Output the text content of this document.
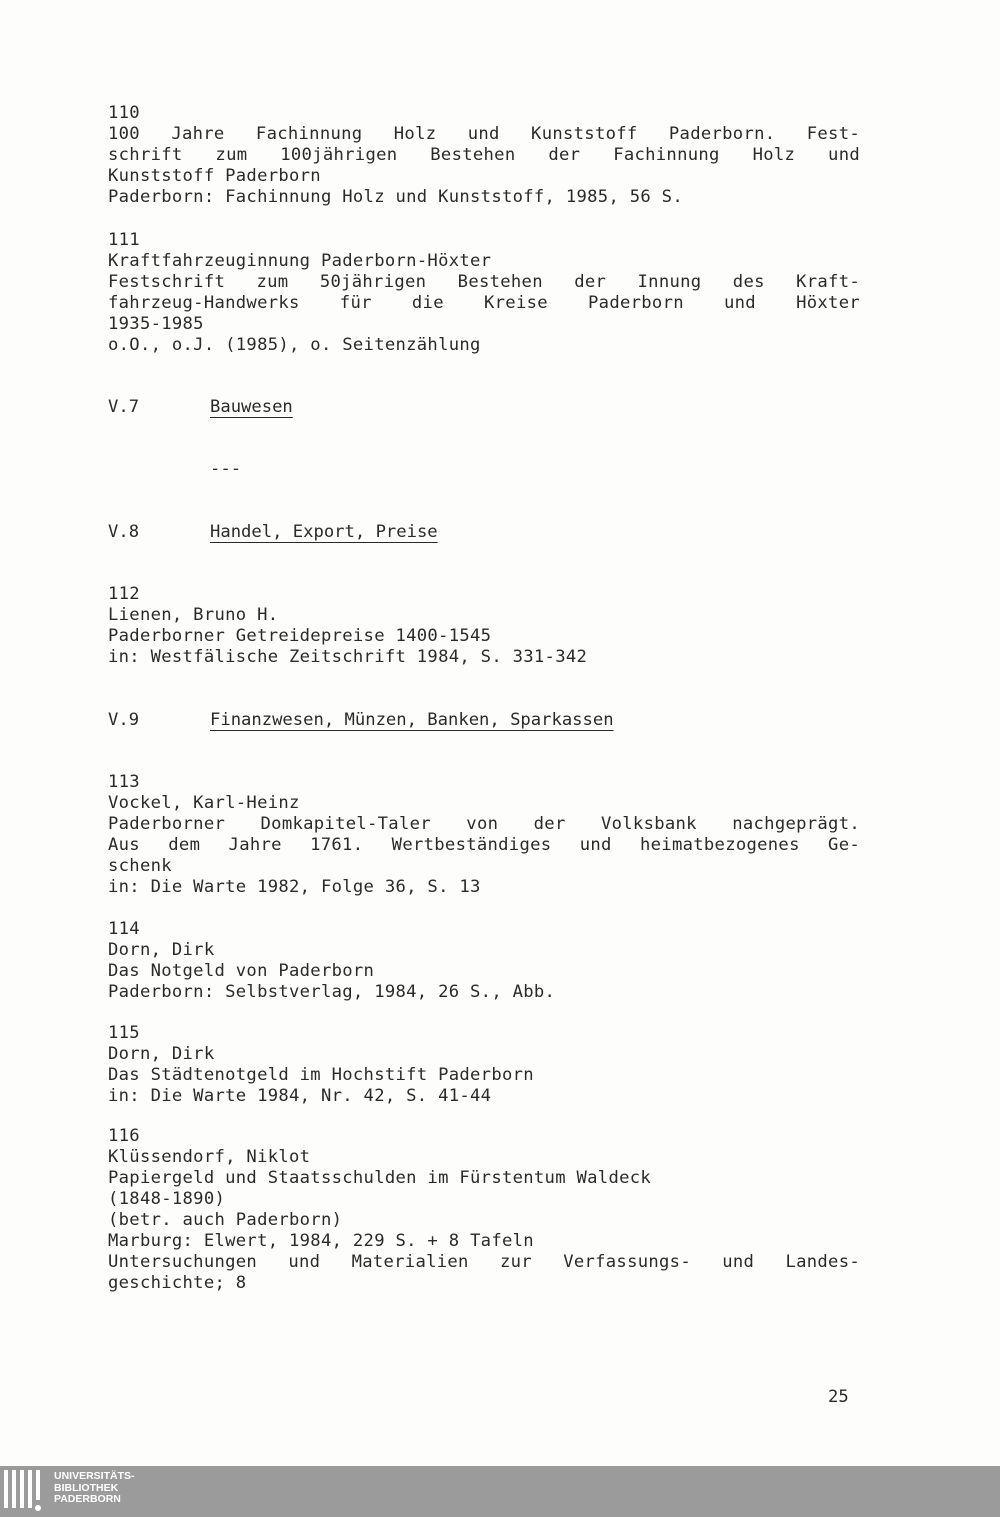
110
100 Jahre Fachinnung Holz und Kunststoff Paderborn. Fest-
schrift zum 100jährigen Bestehen der Fachinnung Holz und
Kunststoff Paderborn
Paderborn: Fachinnung Holz und Kunststoff, 1985, 56 S.
111
Kraftfahrzeuginnung Paderborn-Höxter
Festschrift zum 50jährigen Bestehen der Innung des Kraft-
fahrzeug-Handwerks für die Kreise Paderborn und Höxter
1935-1985
o.O., o.J. (1985), o. Seitenzählung
V.7	Bauwesen
---
V.8	Handel, Export, Preise
112
Lienen, Bruno H.
Paderborner Getreidepreise 1400-1545
in: Westfälische Zeitschrift 1984, S. 331-342
V.9	Finanzwesen, Münzen, Banken, Sparkassen
113
Vockel, Karl-Heinz
Paderborner Domkapitel-Taler von der Volksbank nachgeprägt.
Aus dem Jahre 1761. Wertbeständiges und heimatbezogenes Ge-
schenk
in: Die Warte 1982, Folge 36, S. 13
114
Dorn, Dirk
Das Notgeld von Paderborn
Paderborn: Selbstverlag, 1984, 26 S., Abb.
115
Dorn, Dirk
Das Städtenotgeld im Hochstift Paderborn
in: Die Warte 1984, Nr. 42, S. 41-44
116
Klüssendorf, Niklot
Papiergeld und Staatsschulden im Fürstentum Waldeck
(1848-1890)
(betr. auch Paderborn)
Marburg: Elwert, 1984, 229 S. + 8 Tafeln
Untersuchungen und Materialien zur Verfassungs- und Landes-
geschichte; 8
25
UNIVERSITÄTS-
BIBLIOTHEK
PADERBORN
